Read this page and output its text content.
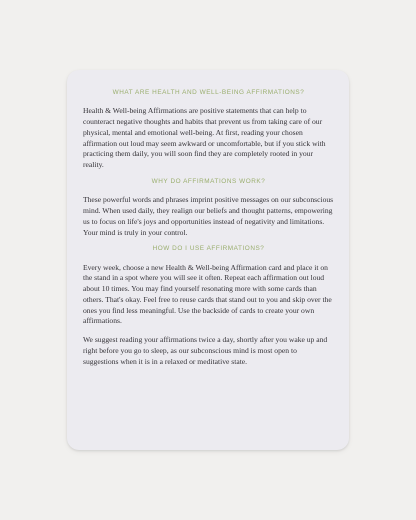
WHAT ARE HEALTH AND WELL-BEING AFFIRMATIONS?

Health & Well-being Affirmations are positive statements that can help to counteract negative thoughts and habits that prevent us from taking care of our physical, mental and emotional well-being. At first, reading your chosen affirmation out loud may seem awkward or uncomfortable, but if you stick with practicing them daily, you will soon find they are completely rooted in your reality.

WHY DO AFFIRMATIONS WORK?

These powerful words and phrases imprint positive messages on our subconscious mind. When used daily, they realign our beliefs and thought patterns, empowering us to focus on life's joys and opportunities instead of negativity and limitations. Your mind is truly in your control.

HOW DO I USE AFFIRMATIONS?

Every week, choose a new Health & Well-being Affirmation card and place it on the stand in a spot where you will see it often. Repeat each affirmation out loud about 10 times. You may find yourself resonating more with some cards than others. That's okay. Feel free to reuse cards that stand out to you and skip over the ones you find less meaningful. Use the backside of cards to create your own affirmations.

We suggest reading your affirmations twice a day, shortly after you wake up and right before you go to sleep, as our subconscious mind is most open to suggestions when it is in a relaxed or meditative state.
